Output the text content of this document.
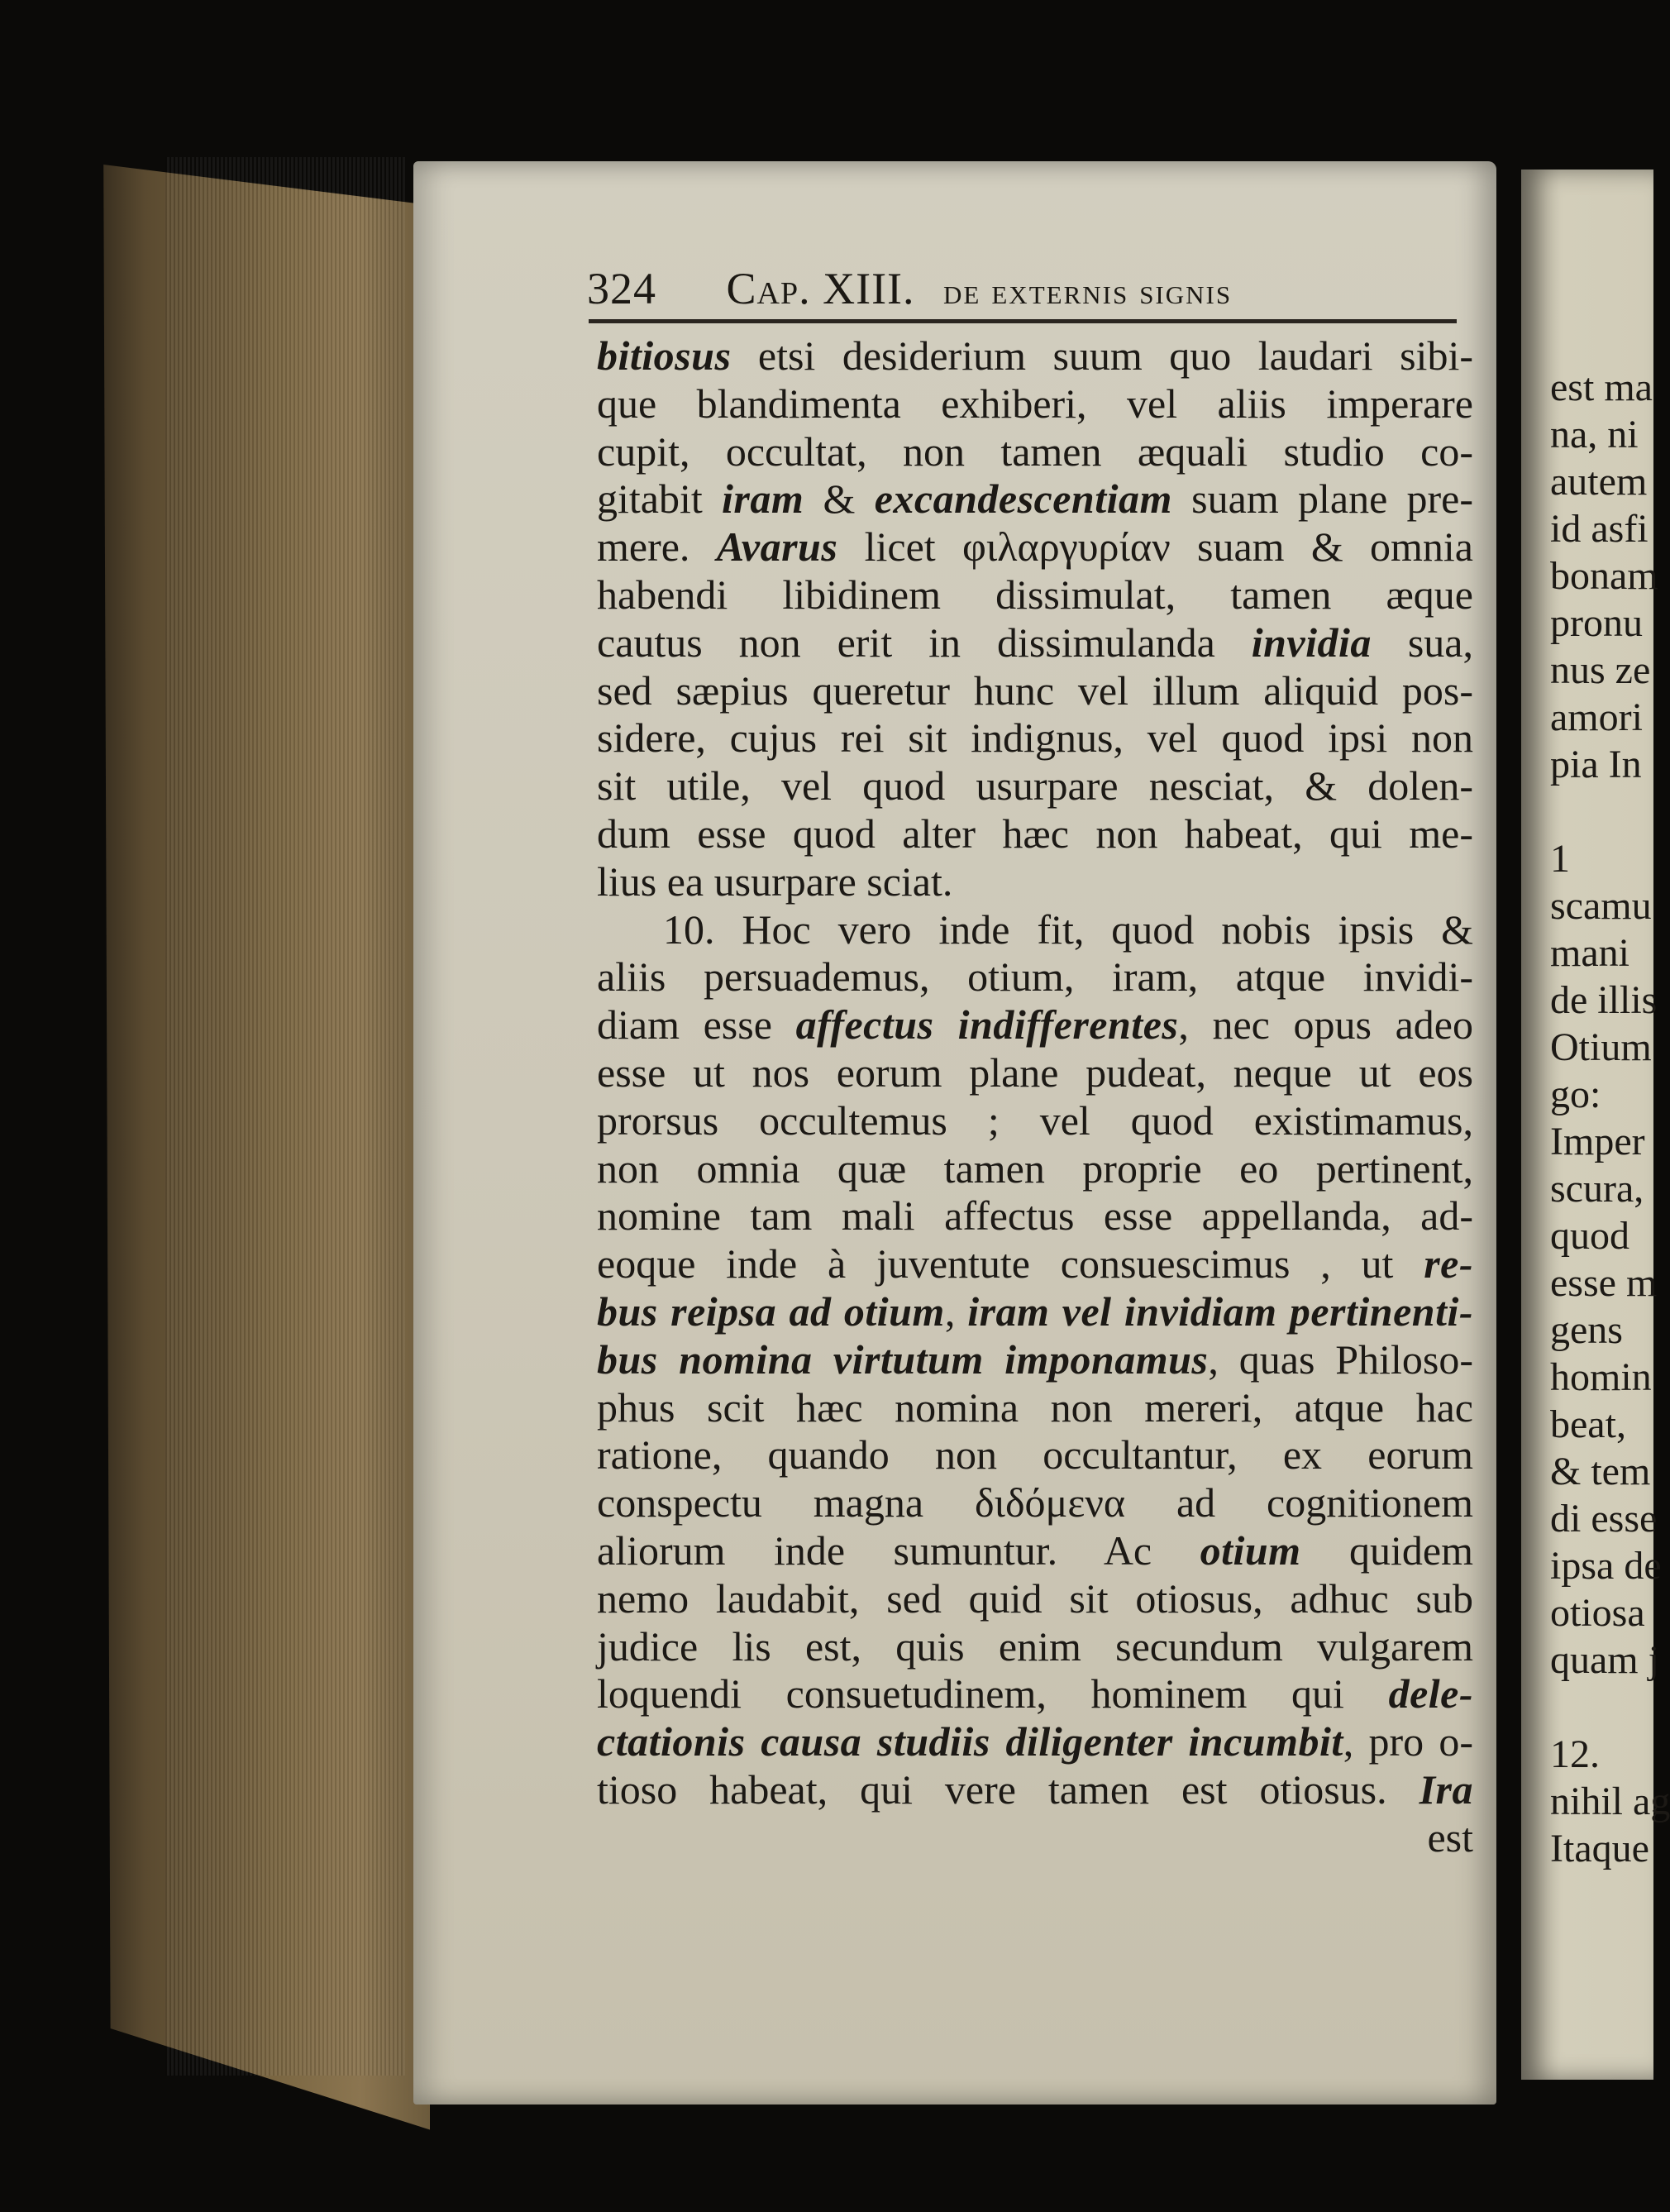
324 Cap. XIII. de externis signis
bitiosus etsi desiderium suum quo laudari sibi-
que blandimenta exhiberi, vel aliis imperare
cupit, occultat, non tamen æquali studio co-
gitabit iram & excandescentiam suam plane pre-
mere. Avarus licet φιλαργυρίαν suam & omnia
habendi libidinem dissimulat, tamen æque
cautus non erit in dissimulanda invidia sua,
sed sæpius queretur hunc vel illum aliquid pos-
sidere, cujus rei sit indignus, vel quod ipsi non
sit utile, vel quod usurpare nesciat, & dolen-
dum esse quod alter hæc non habeat, qui me-
lius ea usurpare sciat.
10. Hoc vero inde fit, quod nobis ipsis &
aliis persuademus, otium, iram, atque invidi-
diam esse affectus indifferentes, nec opus adeo
esse ut nos eorum plane pudeat, neque ut eos
prorsus occultemus ; vel quod existimamus,
non omnia quæ tamen proprie eo pertinent,
nomine tam mali affectus esse appellanda, ad-
eoque inde à juventute consuescimus , ut re-
bus reipsa ad otium, iram vel invidiam pertinenti-
bus nomina virtutum imponamus, quas Philoso-
phus scit hæc nomina non mereri, atque hac
ratione, quando non occultantur, ex eorum
conspectu magna διδόμενα ad cognitionem
aliorum inde sumuntur. Ac otium quidem
nemo laudabit, sed quid sit otiosus, adhuc sub
judice lis est, quis enim secundum vulgarem
loquendi consuetudinem, hominem qui dele-
ctationis causa studiis diligenter incumbit, pro o-
tioso habeat, qui vere tamen est otiosus. Ira
est
est ma
na, ni
autem
id asfi
bonam
pronu
nus ze
amori
pia In
1
scamu
mani
de illis
Otium
go:
Imper
scura,
quod
esse m
gens
homin
beat,
& tem
di esse
ipsa de
otiosa
quam j
12.
nihil ag
Itaque
